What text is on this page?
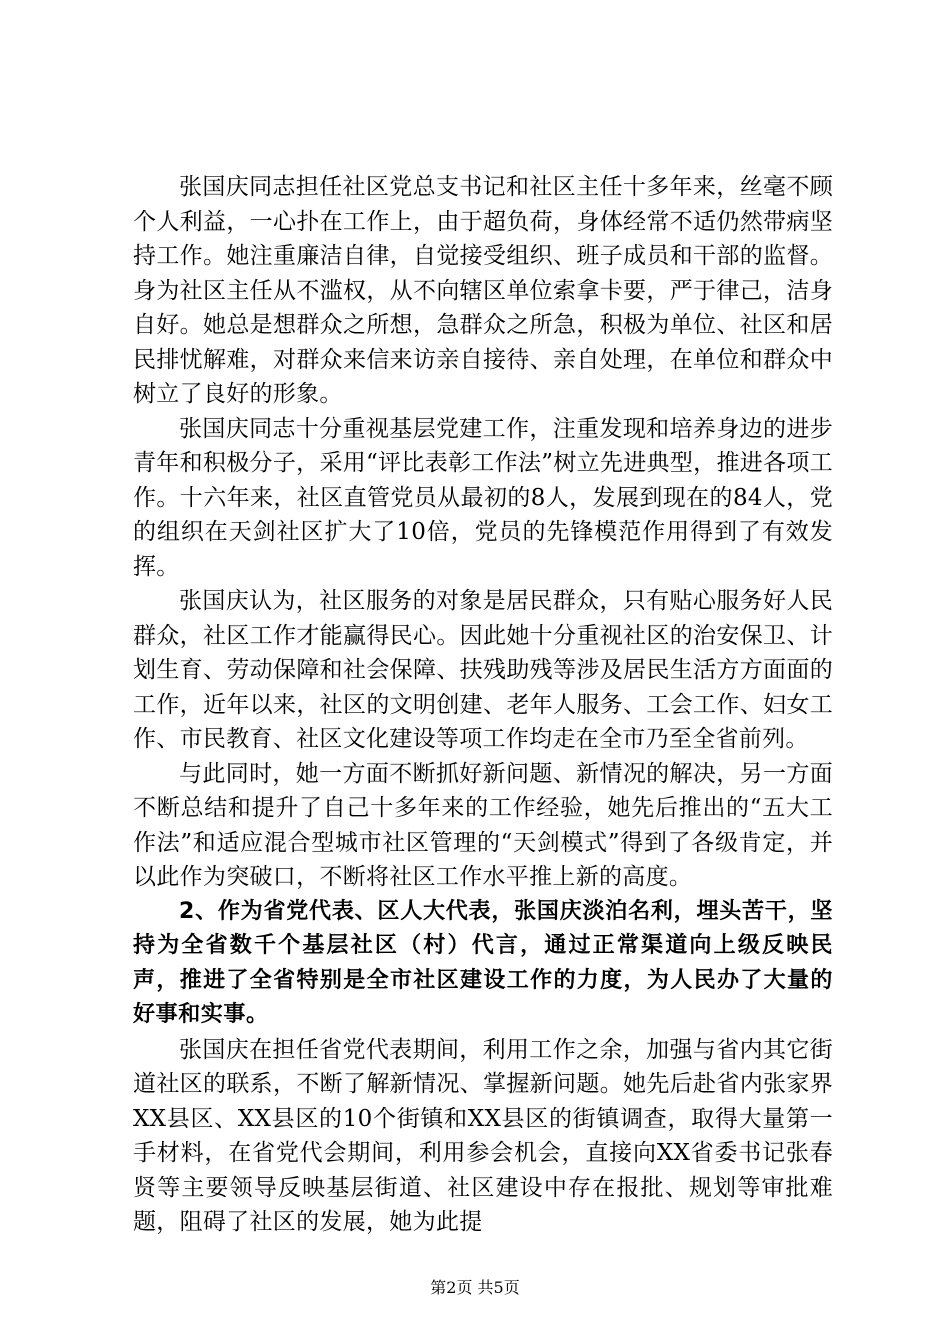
张国庆同志担任社区党总支书记和社区主任十多年来，丝毫不顾个人利益，一心扑在工作上，由于超负荷，身体经常不适仍然带病坚持工作。她注重廉洁自律，自觉接受组织、班子成员和干部的监督。身为社区主任从不滥权，从不向辖区单位索拿卡要，严于律己，洁身自好。她总是想群众之所想，急群众之所急，积极为单位、社区和居民排忧解难，对群众来信来访亲自接待、亲自处理，在单位和群众中树立了良好的形象。

张国庆同志十分重视基层党建工作，注重发现和培养身边的进步青年和积极分子，采用“评比表彰工作法”树立先进典型，推进各项工作。十六年来，社区直管党员从最初的8人，发展到现在的84人，党的组织在天剑社区扩大了10倍，党员的先锋模范作用得到了有效发挥。

张国庆认为，社区服务的对象是居民群众，只有贴心服务好人民群众，社区工作才能赢得民心。因此她十分重视社区的治安保卫、计划生育、劳动保障和社会保障、扶残助残等涉及居民生活方方面面的工作，近年以来，社区的文明创建、老年人服务、工会工作、妇女工作、市民教育、社区文化建设等项工作均走在全市乃至全省前列。

与此同时，她一方面不断抓好新问题、新情况的解决，另一方面不断总结和提升了自己十多年来的工作经验，她先后推出的“五大工作法”和适应混合型城市社区管理的“天剑模式”得到了各级肯定，并以此作为突破口，不断将社区工作水平推上新的高度。

2、作为省党代表、区人大代表，张国庆淡泊名利，埋头苦干，坚持为全省数千个基层社区（村）代言，通过正常渠道向上级反映民声，推进了全省特别是全市社区建设工作的力度，为人民办了大量的好事和实事。

张国庆在担任省党代表期间，利用工作之余，加强与省内其它街道社区的联系，不断了解新情况、掌握新问题。她先后赴省内张家界XX县区、XX县区的10个街镇和XX县区的街镇调查，取得大量第一手材料，在省党代会期间，利用参会机会，直接向XX省委书记张春贤等主要领导反映基层街道、社区建设中存在报批、规划等审批难题，阻碍了社区的发展，她为此提

第2页 共5页
